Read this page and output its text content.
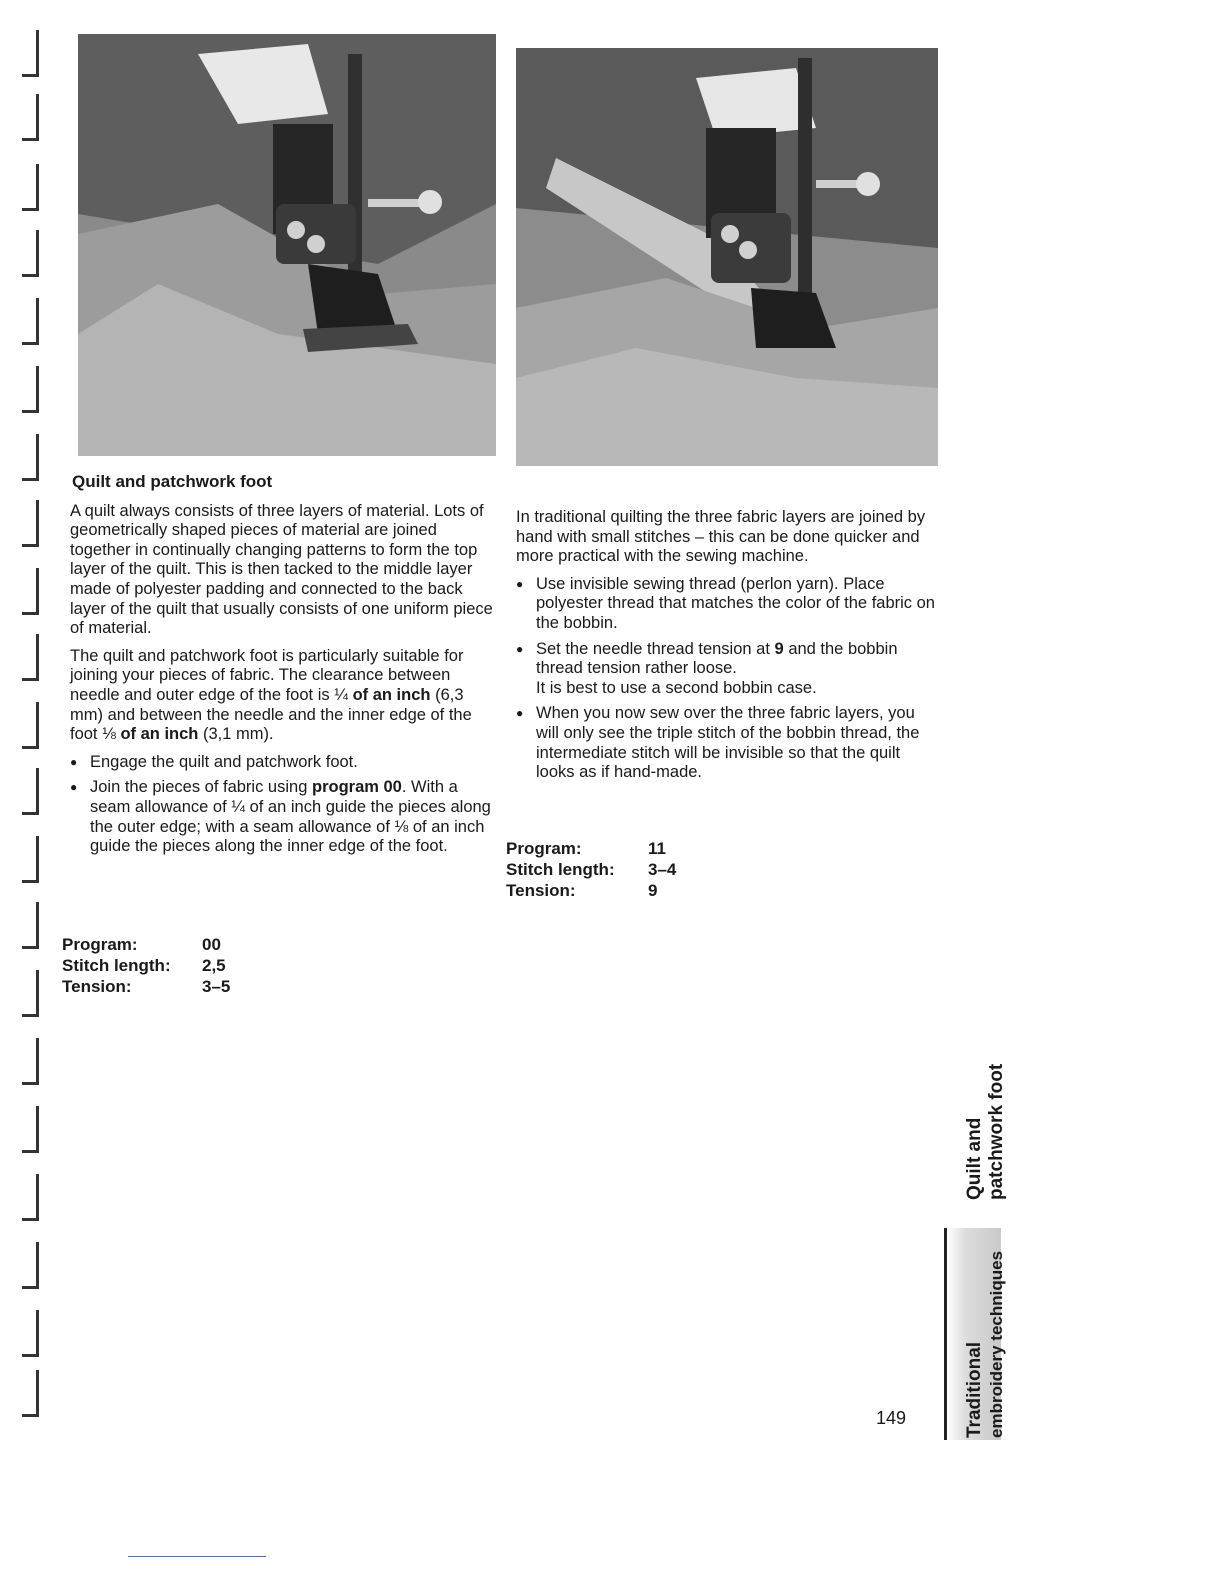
Quilt and patchwork foot

A quilt always consists of three layers of material. Lots of geometrically shaped pieces of material are joined together in continually changing patterns to form the top layer of the quilt. This is then tacked to the middle layer made of polyester padding and connected to the back layer of the quilt that usually consists of one uniform piece of material.

The quilt and patchwork foot is particularly suitable for joining your pieces of fabric. The clearance between needle and outer edge of the foot is ¼ of an inch (6,3 mm) and between the needle and the inner edge of the foot ⅛ of an inch (3,1 mm).

● Engage the quilt and patchwork foot.
● Join the pieces of fabric using program 00. With a seam allowance of ¼ of an inch guide the pieces along the outer edge; with a seam allowance of ⅛ of an inch guide the pieces along the inner edge of the foot.
Program:	00
Stitch length:	2,5
Tension:	3–5

In traditional quilting the three fabric layers are joined by hand with small stitches – this can be done quicker and more practical with the sewing machine.

● Use invisible sewing thread (perlon yarn). Place polyester thread that matches the color of the fabric on the bobbin.
● Set the needle thread tension at 9 and the bobbin thread tension rather loose.
It is best to use a second bobbin case.
● When you now sew over the three fabric layers, you will only see the triple stitch of the bobbin thread, the intermediate stitch will be invisible so that the quilt looks as if hand-made.
Program:	11
Stitch length:	3–4
Tension:	9
Quilt and patchwork foot
Traditional embroidery techniques
149
